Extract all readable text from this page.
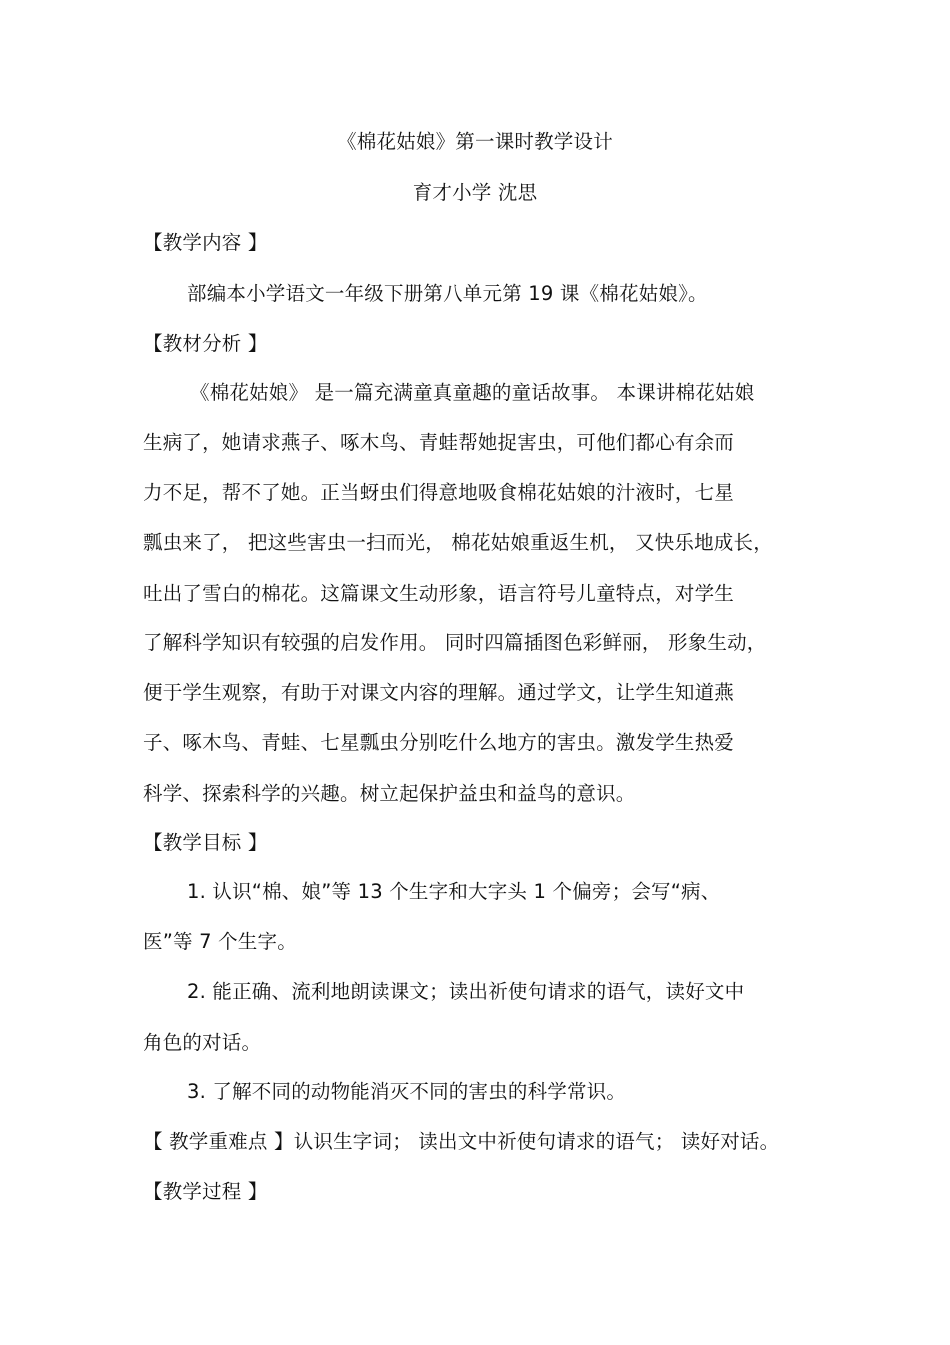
《棉花姑娘》第一课时教学设计
育才小学 沈思
【教学内容 】
部编本小学语文一年级下册第八单元第 19 课《棉花姑娘》。
【教材分析 】
《棉花姑娘》 是一篇充满童真童趣的童话故事。 本课讲棉花姑娘
生病了，她请求燕子、啄木鸟、青蛙帮她捉害虫，可他们都心有余而
力不足，帮不了她。正当蚜虫们得意地吸食棉花姑娘的汁液时，七星
瓢虫来了， 把这些害虫一扫而光， 棉花姑娘重返生机， 又快乐地成长，
吐出了雪白的棉花。这篇课文生动形象，语言符号儿童特点，对学生
了解科学知识有较强的启发作用。 同时四篇插图色彩鲜丽， 形象生动，
便于学生观察，有助于对课文内容的理解。通过学文，让学生知道燕
子、啄木鸟、青蛙、七星瓢虫分别吃什么地方的害虫。激发学生热爱
科学、探索科学的兴趣。树立起保护益虫和益鸟的意识。
【教学目标 】
1. 认识“棉、娘”等 13 个生字和大字头 1 个偏旁；会写“病、
医”等 7 个生字。
2. 能正确、流利地朗读课文；读出祈使句请求的语气，读好文中
角色的对话。
3. 了解不同的动物能消灭不同的害虫的科学常识。
【 教学重难点 】认识生字词； 读出文中祈使句请求的语气； 读好对话。
【教学过程 】
